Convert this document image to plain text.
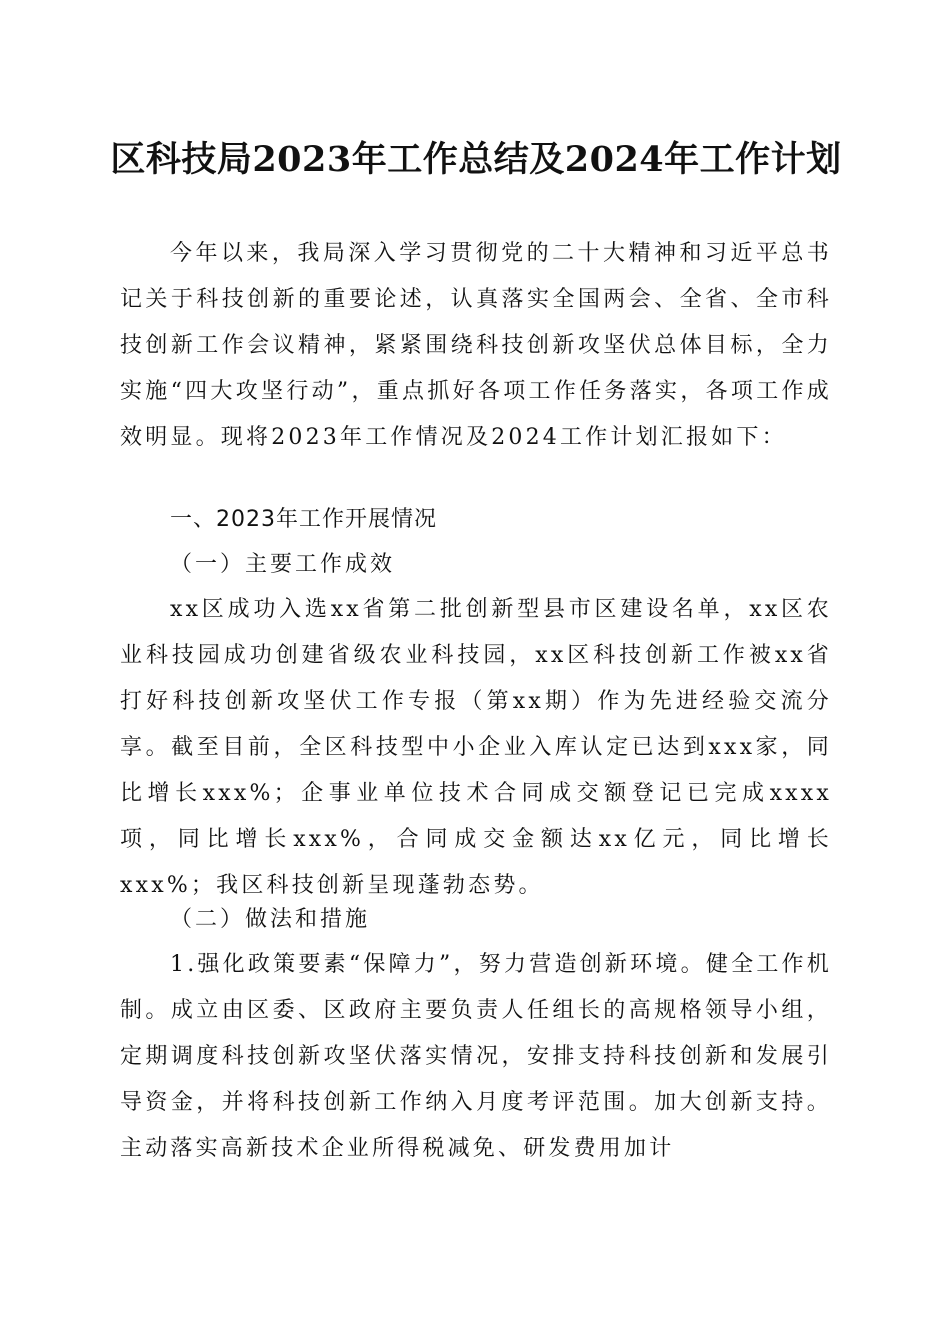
区科技局2023年工作总结及2024年工作计划
今年以来，我局深入学习贯彻党的二十大精神和习近平总书记关于科技创新的重要论述，认真落实全国两会、全省、全市科技创新工作会议精神，紧紧围绕科技创新攻坚伏总体目标，全力实施“四大攻坚行动”，重点抓好各项工作任务落实，各项工作成效明显。现将2023年工作情况及2024工作计划汇报如下：
一、2023年工作开展情况
（一）主要工作成效
xx区成功入选xx省第二批创新型县市区建设名单，xx区农业科技园成功创建省级农业科技园，xx区科技创新工作被xx省打好科技创新攻坚伏工作专报（第xx期）作为先进经验交流分享。截至目前，全区科技型中小企业入库认定已达到xxx家，同比增长xxx%；企事业单位技术合同成交额登记已完成xxxx项，同比增长xxx%，合同成交金额达xx亿元，同比增长xxx%；我区科技创新呈现蓬勃态势。
（二）做法和措施
1.强化政策要素“保障力”，努力营造创新环境。健全工作机制。成立由区委、区政府主要负责人任组长的高规格领导小组，定期调度科技创新攻坚伏落实情况，安排支持科技创新和发展引导资金，并将科技创新工作纳入月度考评范围。加大创新支持。主动落实高新技术企业所得税减免、研发费用加计
